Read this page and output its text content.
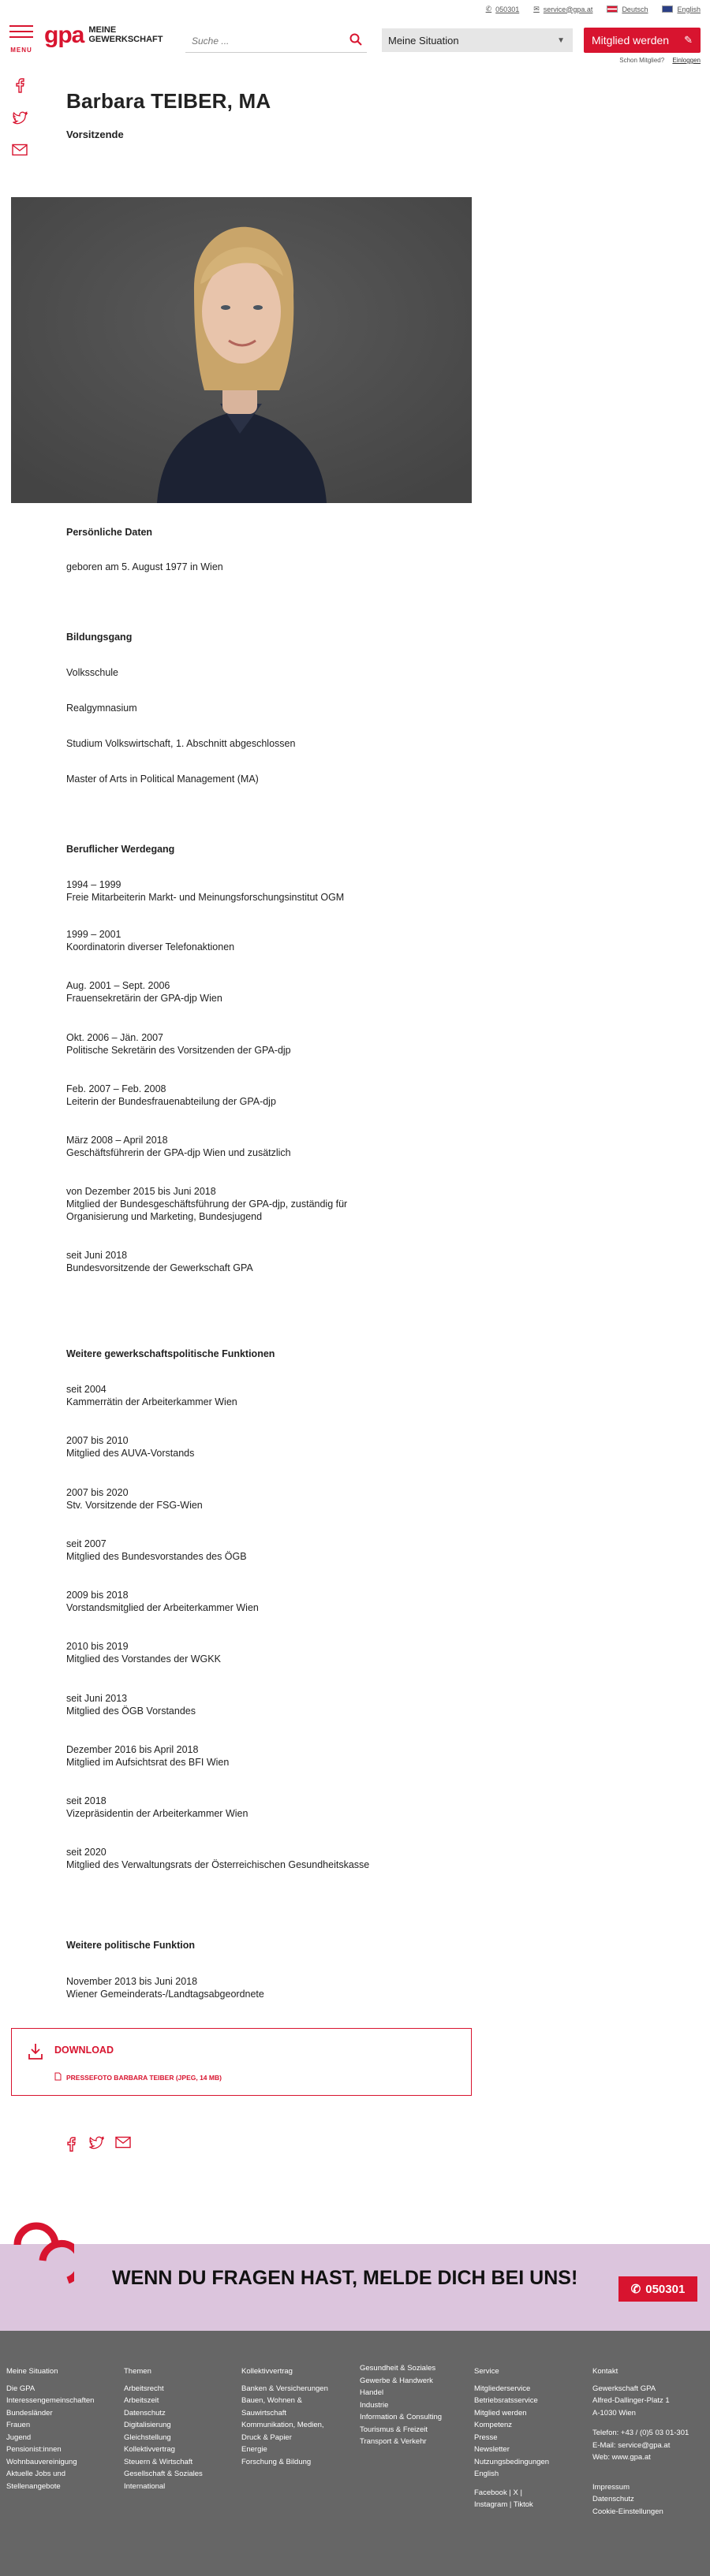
✆ 050301 ✉ service@gpa.at	Deutsch	English
MENU
gpa MEINE
GEWERKSCHAFT	Suche ...	Meine Situation	▼ Mitglied werden ✎
Schon Mitglied? Einloggen
Barbara TEIBER, MA
Vorsitzende
Persönliche Daten
geboren am 5. August 1977 in Wien
Bildungsgang
Volksschule
Realgymnasium
Studium Volkswirtschaft, 1. Abschnitt abgeschlossen
Master of Arts in Political Management (MA)
Beruflicher Werdegang
1994 – 1999
Freie Mitarbeiterin Markt- und Meinungsforschungsinstitut OGM
1999 – 2001
Koordinatorin diverser Telefonaktionen
Aug. 2001 – Sept. 2006
Frauensekretärin der GPA-djp Wien
Okt. 2006 – Jän. 2007
Politische Sekretärin des Vorsitzenden der GPA-djp
Feb. 2007 – Feb. 2008
Leiterin der Bundesfrauenabteilung der GPA-djp
März 2008 – April 2018
Geschäftsführerin der GPA-djp Wien und zusätzlich
von Dezember 2015 bis Juni 2018
Mitglied der Bundesgeschäftsführung der GPA-djp, zuständig für
Organisierung und Marketing, Bundesjugend
seit Juni 2018
Bundesvorsitzende der Gewerkschaft GPA
Weitere gewerkschaftspolitische Funktionen
seit 2004
Kammerrätin der Arbeiterkammer Wien
2007 bis 2010
Mitglied des AUVA-Vorstands
2007 bis 2020
Stv. Vorsitzende der FSG-Wien
seit 2007
Mitglied des Bundesvorstandes des ÖGB
2009 bis 2018
Vorstandsmitglied der Arbeiterkammer Wien
2010 bis 2019
Mitglied des Vorstandes der WGKK
seit Juni 2013
Mitglied des ÖGB Vorstandes
Dezember 2016 bis April 2018
Mitglied im Aufsichtsrat des BFI Wien
seit 2018
Vizepräsidentin der Arbeiterkammer Wien
seit 2020
Mitglied des Verwaltungsrats der Österreichischen Gesundheitskasse
Weitere politische Funktion
November 2013 bis Juni 2018
Wiener Gemeinderats-/Landtagsabgeordnete
DOWNLOAD
PRESSEFOTO BARBARA TEIBER (JPEG, 14 MB)
WENN DU FRAGEN HAST, MELDE DICH BEI UNS!
✆ 050301
Meine Situation
Die GPA
Interessengemeinschaften
Bundesländer
Frauen
Jugend
Pensionist:innen
Wohnbauvereinigung
Aktuelle Jobs und
Stellenangebote
Themen
Arbeitsrecht
Arbeitszeit
Datenschutz
Digitalisierung
Gleichstellung
Kollektivvertrag
Steuern & Wirtschaft
Gesellschaft & Soziales
International
Kollektivvertrag
Banken & Versicherungen
Bauen, Wohnen &
Sauwirtschaft
Kommunikation, Medien,
Druck & Papier
Energie
Forschung & Bildung
Gesundheit & Soziales
Gewerbe & Handwerk
Handel
Industrie
Information & Consulting
Tourismus & Freizeit
Transport & Verkehr
Service
Mitgliederservice
Betriebsratsservice
Mitglied werden
Kompetenz
Presse
Newsletter
Nutzungsbedingungen
English
Facebook | X |
Instagram | Tiktok
Kontakt
Gewerkschaft GPA
Alfred-Dallinger-Platz 1
A-1030 Wien
Telefon: +43 / (0)5 03 01-301
E-Mail: service@gpa.at
Web: www.gpa.at
Impressum
Datenschutz
Cookie-Einstellungen
